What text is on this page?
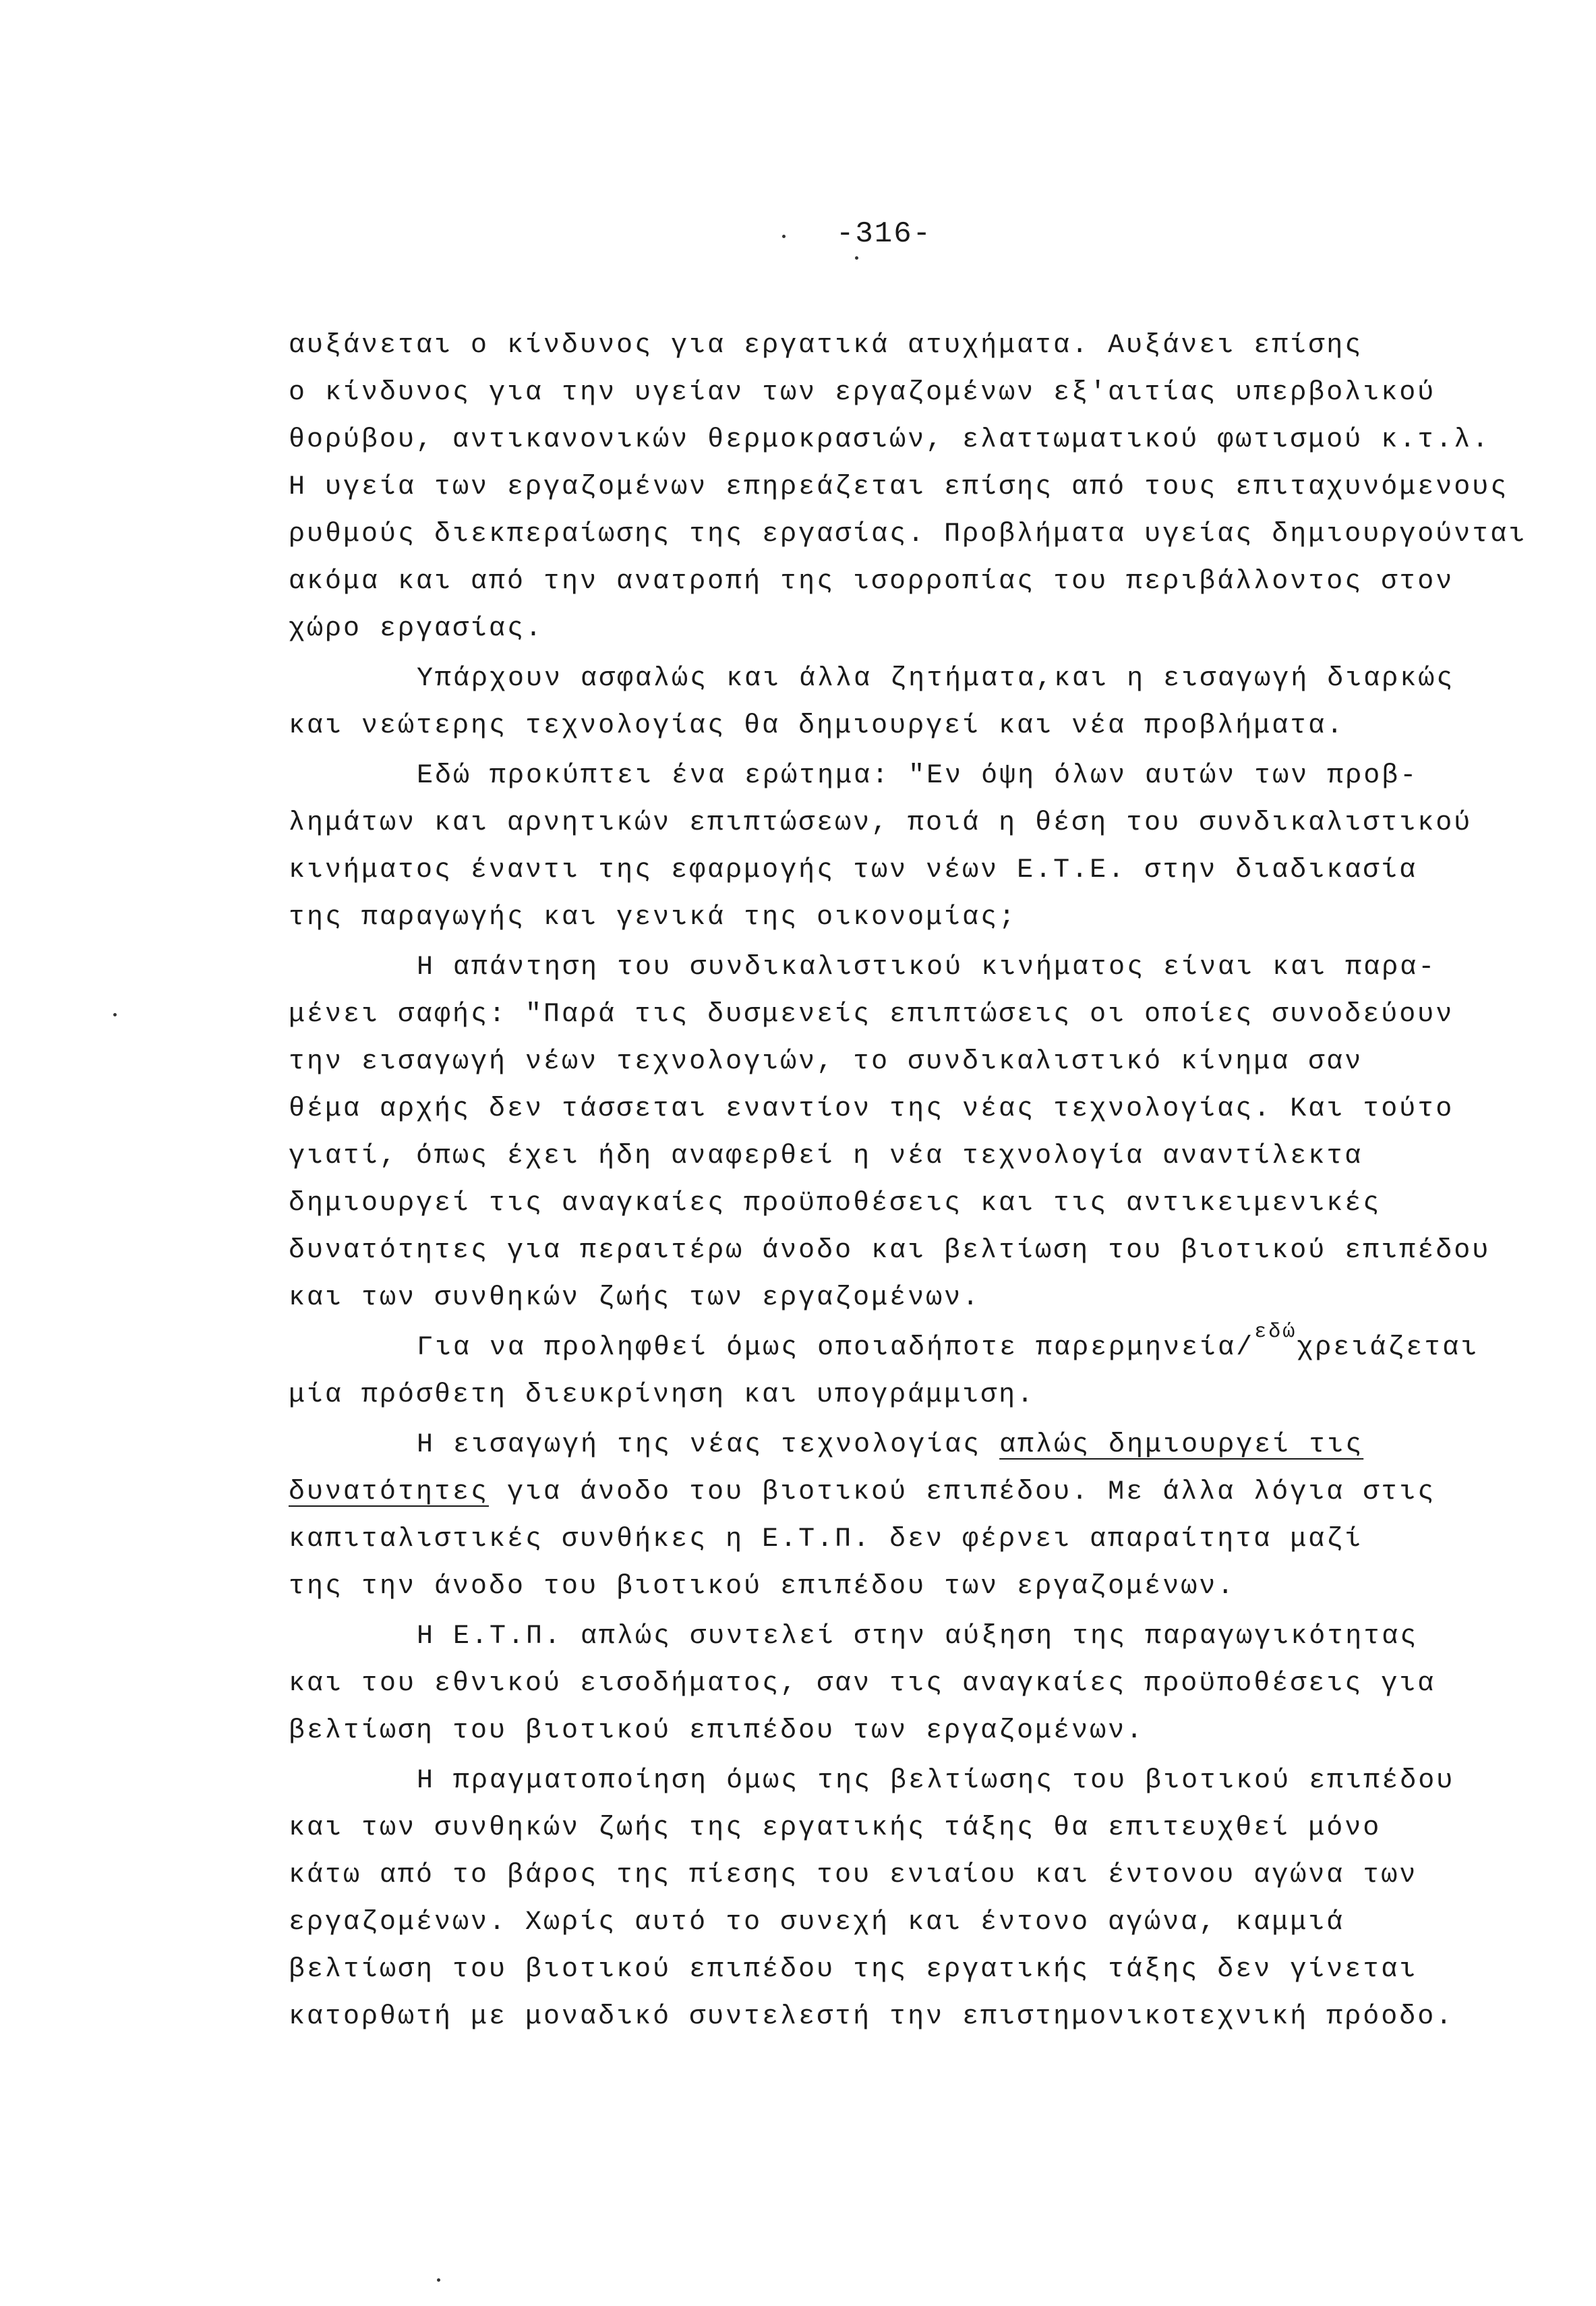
-316-
αυξάνεται ο κίνδυνος για εργατικά ατυχήματα. Αυξάνει επίσης
ο κίνδυνος για την υγείαν των εργαζομένων εξ'αιτίας υπερβολικού
θορύβου, αντικανονικών θερμοκρασιών, ελαττωματικού φωτισμού κ.τ.λ.
Η υγεία των εργαζομένων επηρεάζεται επίσης από τους επιταχυνόμενους
ρυθμούς διεκπεραίωσης της εργασίας. Προβλήματα υγείας δημιουργούνται
ακόμα και από την ανατροπή της ισορροπίας του περιβάλλοντος στον
χώρο εργασίας.
Υπάρχουν ασφαλώς και άλλα ζητήματα,και η εισαγωγή διαρκώς
και νεώτερης τεχνολογίας θα δημιουργεί και νέα προβλήματα.
Εδώ προκύπτει ένα ερώτημα: "Εν όψη όλων αυτών των προβ-
λημάτων και αρνητικών επιπτώσεων, ποιά η θέση του συνδικαλιστικού
κινήματος έναντι της εφαρμογής των νέων Ε.Τ.Ε. στην διαδικασία
της παραγωγής και γενικά της οικονομίας;
Η απάντηση του συνδικαλιστικού κινήματος είναι και παρα-
μένει σαφής: "Παρά τις δυσμενείς επιπτώσεις οι οποίες συνοδεύουν
την εισαγωγή νέων τεχνολογιών, το συνδικαλιστικό κίνημα σαν
θέμα αρχής δεν τάσσεται εναντίον της νέας τεχνολογίας. Και τούτο
γιατί, όπως έχει ήδη αναφερθεί η νέα τεχνολογία αναντίλεκτα
δημιουργεί τις αναγκαίες προϋποθέσεις και τις αντικειμενικές
δυνατότητες για περαιτέρω άνοδο και βελτίωση του βιοτικού επιπέδου
και των συνθηκών ζωής των εργαζομένων.
Για να προληφθεί όμως οποιαδήποτε παρερμηνεία/$^{\varepsilon\delta ώ}$χρειάζεται
μία πρόσθετη διευκρίνηση και υπογράμμιση.
Η εισαγωγή της νέας τεχνολογίας απλώς δημιουργεί τις
δυνατότητες για άνοδο του βιοτικού επιπέδου. Με άλλα λόγια στις
καπιταλιστικές συνθήκες η Ε.Τ.Π. δεν φέρνει απαραίτητα μαζί
της την άνοδο του βιοτικού επιπέδου των εργαζομένων.
Η Ε.Τ.Π. απλώς συντελεί στην αύξηση της παραγωγικότητας
και του εθνικού εισοδήματος, σαν τις αναγκαίες προϋποθέσεις για
βελτίωση του βιοτικού επιπέδου των εργαζομένων.
Η πραγματοποίηση όμως της βελτίωσης του βιοτικού επιπέδου
και των συνθηκών ζωής της εργατικής τάξης θα επιτευχθεί μόνο
κάτω από το βάρος της πίεσης του ενιαίου και έντονου αγώνα των
εργαζομένων. Χωρίς αυτό το συνεχή και έντονο αγώνα, καμμιά
βελτίωση του βιοτικού επιπέδου της εργατικής τάξης δεν γίνεται
κατορθωτή με μοναδικό συντελεστή την επιστημονικοτεχνική πρόοδο.
